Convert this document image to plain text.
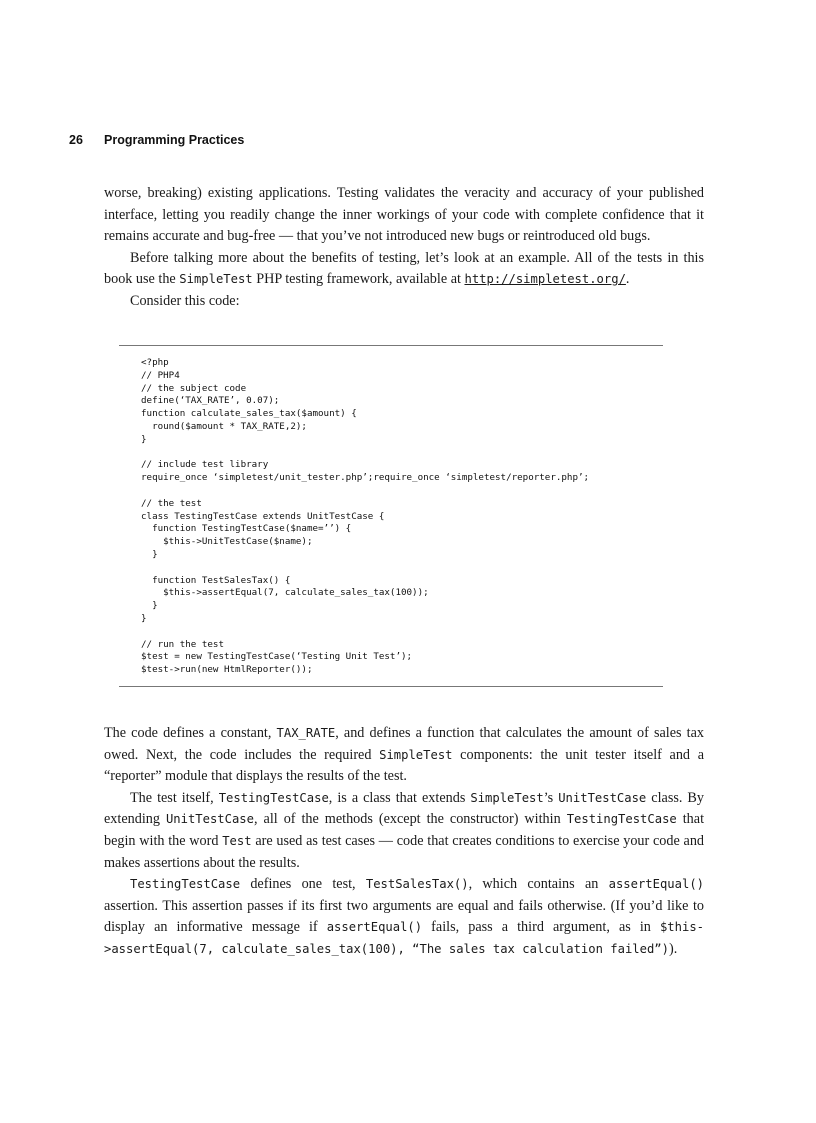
26 Programming Practices

worse, breaking) existing applications. Testing validates the veracity and accuracy of your published interface, letting you readily change the inner workings of your code with complete confidence that it remains accurate and bug-free — that you’ve not introduced new bugs or reintroduced old bugs.

Before talking more about the benefits of testing, let’s look at an example. All of the tests in this book use the SimpleTest PHP testing framework, available at http://simpletest.org/.

Consider this code:

<?php
// PHP4
// the subject code
define(‘TAX_RATE’, 0.07);
function calculate_sales_tax($amount) {
round($amount * TAX_RATE,2);
}
// include test library
require_once ‘simpletest/unit_tester.php’;require_once ‘simpletest/reporter.php’;
// the test
class TestingTestCase extends UnitTestCase {
function TestingTestCase($name=’’) {
$this->UnitTestCase($name);
}
function TestSalesTax() {
$this->assertEqual(7, calculate_sales_tax(100));
}
}
// run the test
$test = new TestingTestCase(‘Testing Unit Test’);
$test->run(new HtmlReporter());

The code defines a constant, TAX_RATE, and defines a function that calculates the amount of sales tax owed. Next, the code includes the required SimpleTest components: the unit tester itself and a “reporter” module that displays the results of the test.

The test itself, TestingTestCase, is a class that extends SimpleTest’s UnitTestCase class. By extending UnitTestCase, all of the methods (except the constructor) within TestingTestCase that begin with the word Test are used as test cases — code that creates conditions to exercise your code and makes assertions about the results.

TestingTestCase defines one test, TestSalesTax(), which contains an assertEqual() assertion. This assertion passes if its first two arguments are equal and fails otherwise. (If you’d like to display an informative message if assertEqual() fails, pass a third argument, as in $this->assertEqual(7, calculate_sales_tax(100), “The sales tax calculation failed”)).
